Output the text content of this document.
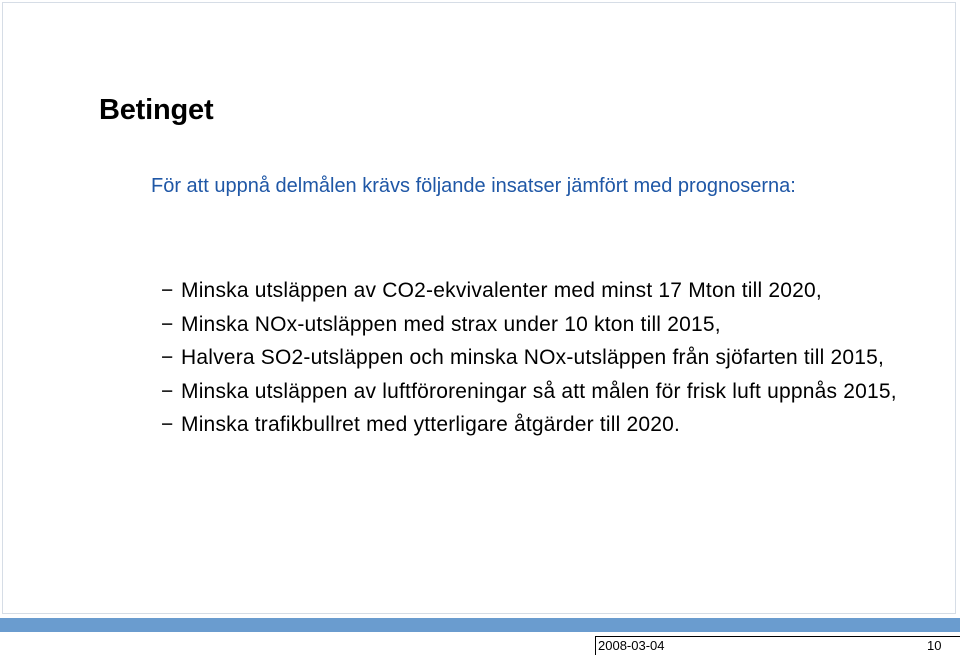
Betinget

För att uppnå delmålen krävs följande insatser jämfört med prognoserna:

− Minska utsläppen av CO2-ekvivalenter med minst 17 Mton till 2020,
− Minska NOx-utsläppen med strax under 10 kton till 2015,
− Halvera SO2-utsläppen och minska NOx-utsläppen från sjöfarten till 2015,
− Minska utsläppen av luftföroreningar så att målen för frisk luft uppnås 2015,
− Minska trafikbullret med ytterligare åtgärder till 2020.
2008-03-04	10
